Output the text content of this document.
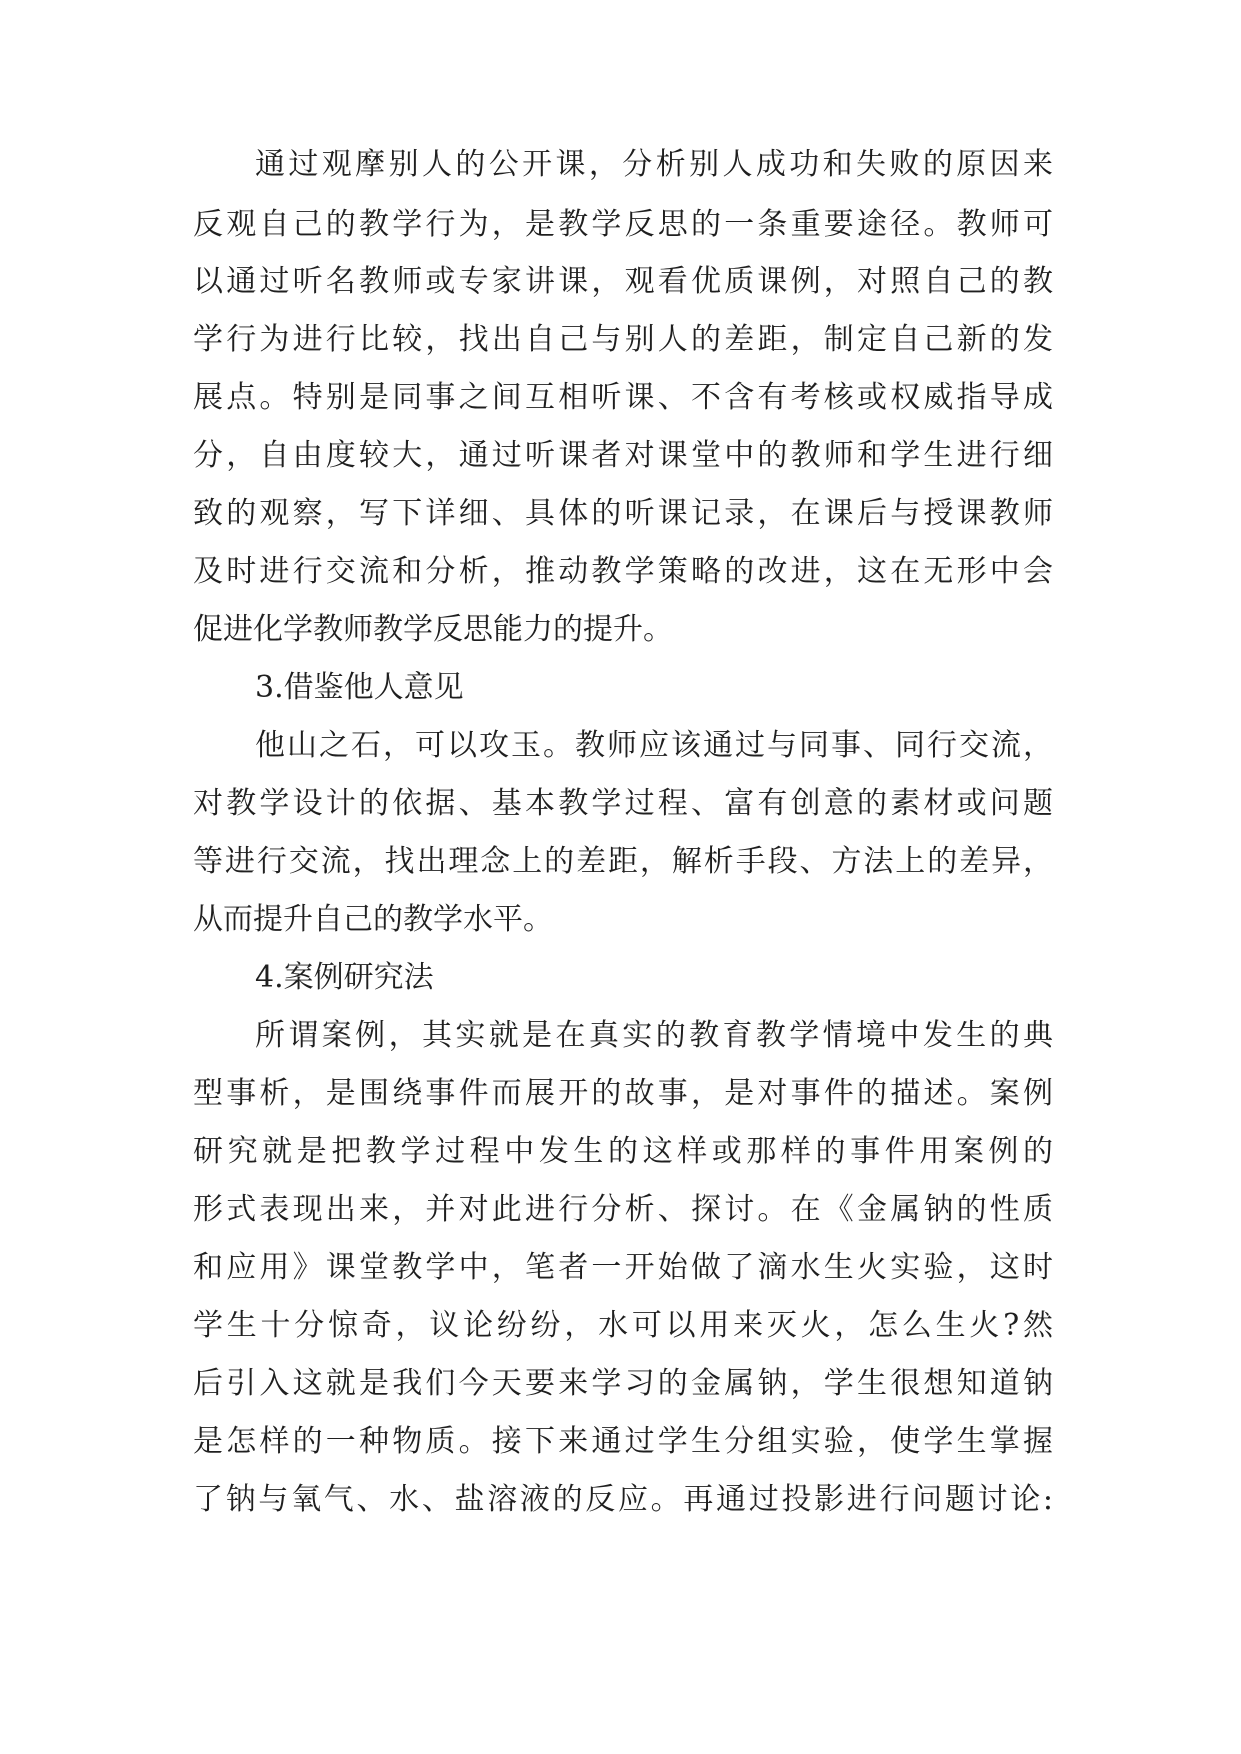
通过观摩别人的公开课，分析别人成功和失败的原因来
反观自己的教学行为，是教学反思的一条重要途径。教师可
以通过听名教师或专家讲课，观看优质课例，对照自己的教
学行为进行比较，找出自己与别人的差距，制定自己新的发
展点。特别是同事之间互相听课、不含有考核或权威指导成
分，自由度较大，通过听课者对课堂中的教师和学生进行细
致的观察，写下详细、具体的听课记录，在课后与授课教师
及时进行交流和分析，推动教学策略的改进，这在无形中会
促进化学教师教学反思能力的提升。
3.借鉴他人意见
他山之石，可以攻玉。教师应该通过与同事、同行交流，
对教学设计的依据、基本教学过程、富有创意的素材或问题
等进行交流，找出理念上的差距，解析手段、方法上的差异，
从而提升自己的教学水平。
4.案例研究法
所谓案例，其实就是在真实的教育教学情境中发生的典
型事析，是围绕事件而展开的故事，是对事件的描述。案例
研究就是把教学过程中发生的这样或那样的事件用案例的
形式表现出来，并对此进行分析、探讨。在《金属钠的性质
和应用》课堂教学中，笔者一开始做了滴水生火实验，这时
学生十分惊奇，议论纷纷，水可以用来灭火，怎么生火?然
后引入这就是我们今天要来学习的金属钠，学生很想知道钠
是怎样的一种物质。接下来通过学生分组实验，使学生掌握
了钠与氧气、水、盐溶液的反应。再通过投影进行问题讨论:
